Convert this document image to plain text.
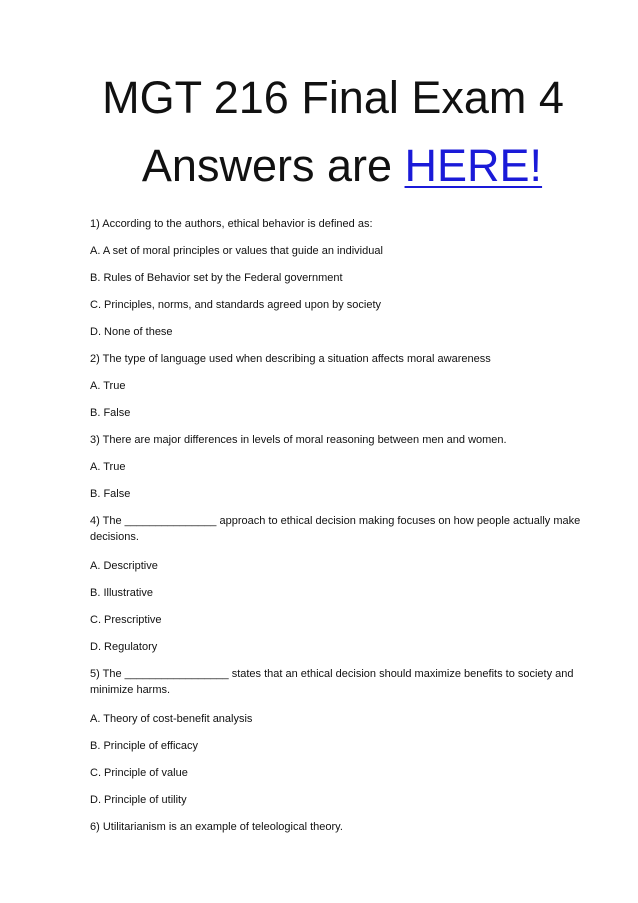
MGT 216 Final Exam 4
Answers are HERE!

1) According to the authors, ethical behavior is defined as:

A. A set of moral principles or values that guide an individual

B. Rules of Behavior set by the Federal government

C. Principles, norms, and standards agreed upon by society

D. None of these

2) The type of language used when describing a situation affects moral awareness

A. True

B. False

3) There are major differences in levels of moral reasoning between men and women.

A. True

B. False

4) The _______________ approach to ethical decision making focuses on how people actually make decisions.

A. Descriptive

B. Illustrative

C. Prescriptive

D. Regulatory

5) The _________________ states that an ethical decision should maximize benefits to society and minimize harms.

A. Theory of cost-benefit analysis

B. Principle of efficacy

C. Principle of value

D. Principle of utility

6) Utilitarianism is an example of teleological theory.
